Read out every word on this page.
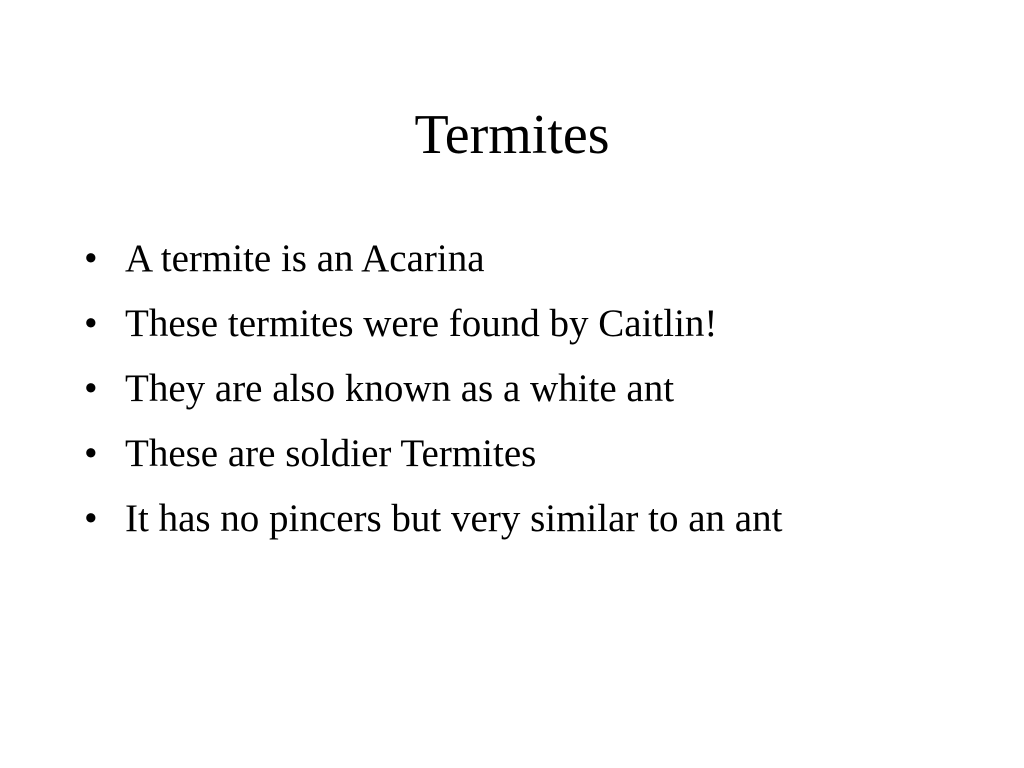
Termites
• A termite is an Acarina
• These termites were found by Caitlin!
• They are also known as a white ant
• These are soldier Termites
• It has no pincers but very similar to an ant
